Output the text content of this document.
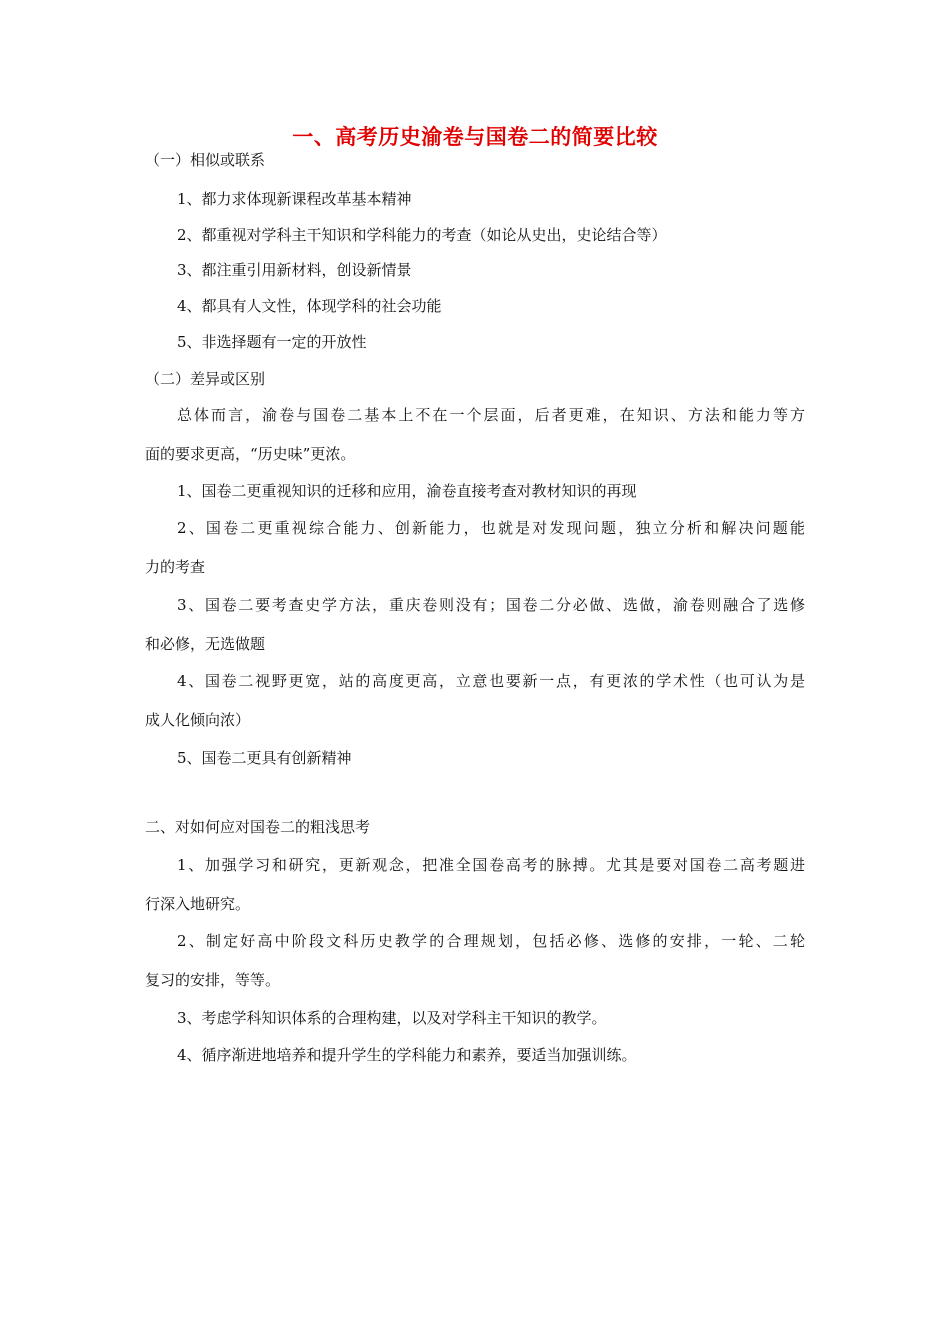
一、高考历史渝卷与国卷二的简要比较
（一）相似或联系
1、都力求体现新课程改革基本精神
2、都重视对学科主干知识和学科能力的考查（如论从史出，史论结合等）
3、都注重引用新材料，创设新情景
4、都具有人文性，体现学科的社会功能
5、非选择题有一定的开放性
（二）差异或区别
总体而言，渝卷与国卷二基本上不在一个层面，后者更难，在知识、方法和能力等方
面的要求更高，“历史味”更浓。
1、国卷二更重视知识的迁移和应用，渝卷直接考查对教材知识的再现
2、国卷二更重视综合能力、创新能力，也就是对发现问题，独立分析和解决问题能
力的考查
3、国卷二要考查史学方法，重庆卷则没有；国卷二分必做、选做，渝卷则融合了选修
和必修，无选做题
4、国卷二视野更宽，站的高度更高，立意也要新一点，有更浓的学术性（也可认为是
成人化倾向浓）
5、国卷二更具有创新精神
二、对如何应对国卷二的粗浅思考
1、加强学习和研究，更新观念，把准全国卷高考的脉搏。尤其是要对国卷二高考题进
行深入地研究。
2、制定好高中阶段文科历史教学的合理规划，包括必修、选修的安排，一轮、二轮
复习的安排，等等。
3、考虑学科知识体系的合理构建，以及对学科主干知识的教学。
4、循序渐进地培养和提升学生的学科能力和素养，要适当加强训练。
